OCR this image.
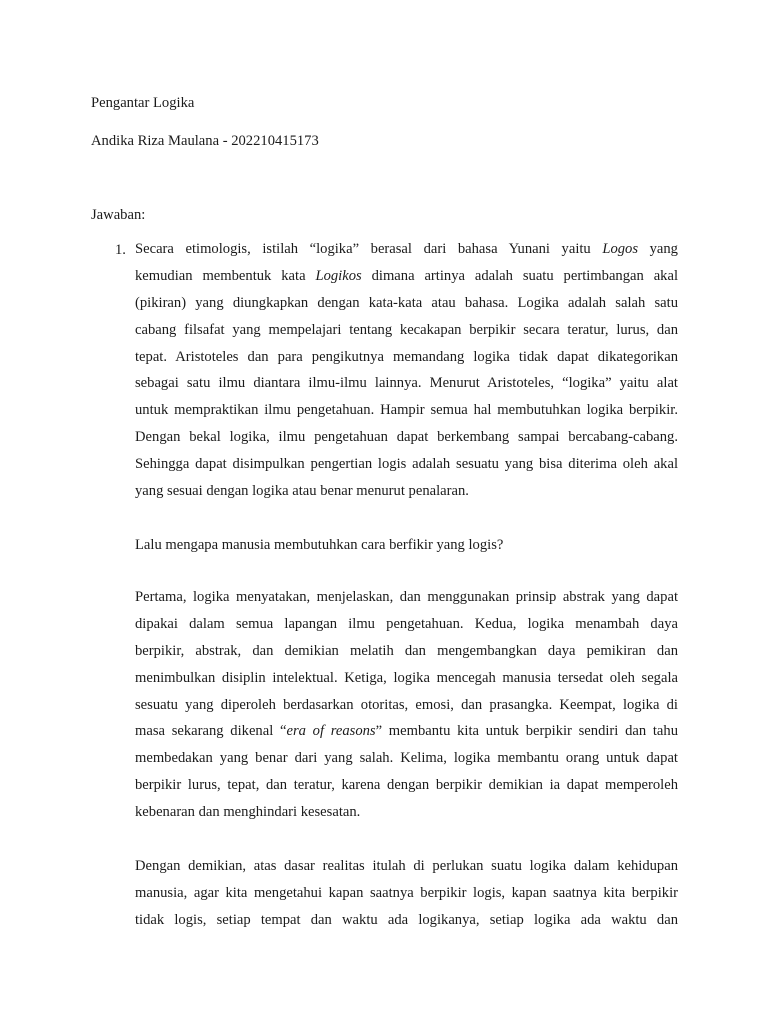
Pengantar Logika
Andika Riza Maulana - 202210415173
Jawaban:
1. Secara etimologis, istilah “logika” berasal dari bahasa Yunani yaitu Logos yang
kemudian membentuk kata Logikos dimana artinya adalah suatu pertimbangan akal
(pikiran) yang diungkapkan dengan kata-kata atau bahasa. Logika adalah salah satu
cabang filsafat yang mempelajari tentang kecakapan berpikir secara teratur, lurus, dan
tepat. Aristoteles dan para pengikutnya memandang logika tidak dapat dikategorikan
sebagai satu ilmu diantara ilmu-ilmu lainnya. Menurut Aristoteles, “logika” yaitu alat
untuk mempraktikan ilmu pengetahuan. Hampir semua hal membutuhkan logika berpikir.
Dengan bekal logika, ilmu pengetahuan dapat berkembang sampai bercabang-cabang.
Sehingga dapat disimpulkan pengertian logis adalah sesuatu yang bisa diterima oleh akal
yang sesuai dengan logika atau benar menurut penalaran.

Lalu mengapa manusia membutuhkan cara berfikir yang logis?

Pertama, logika menyatakan, menjelaskan, dan menggunakan prinsip abstrak yang dapat
dipakai dalam semua lapangan ilmu pengetahuan. Kedua, logika menambah daya
berpikir, abstrak, dan demikian melatih dan mengembangkan daya pemikiran dan
menimbulkan disiplin intelektual. Ketiga, logika mencegah manusia tersedat oleh segala
sesuatu yang diperoleh berdasarkan otoritas, emosi, dan prasangka. Keempat, logika di
masa sekarang dikenal “era of reasons” membantu kita untuk berpikir sendiri dan tahu
membedakan yang benar dari yang salah. Kelima, logika membantu orang untuk dapat
berpikir lurus, tepat, dan teratur, karena dengan berpikir demikian ia dapat memperoleh
kebenaran dan menghindari kesesatan.

Dengan demikian, atas dasar realitas itulah di perlukan suatu logika dalam kehidupan
manusia, agar kita mengetahui kapan saatnya berpikir logis, kapan saatnya kita berpikir
tidak logis, setiap tempat dan waktu ada logikanya, setiap logika ada waktu dan
